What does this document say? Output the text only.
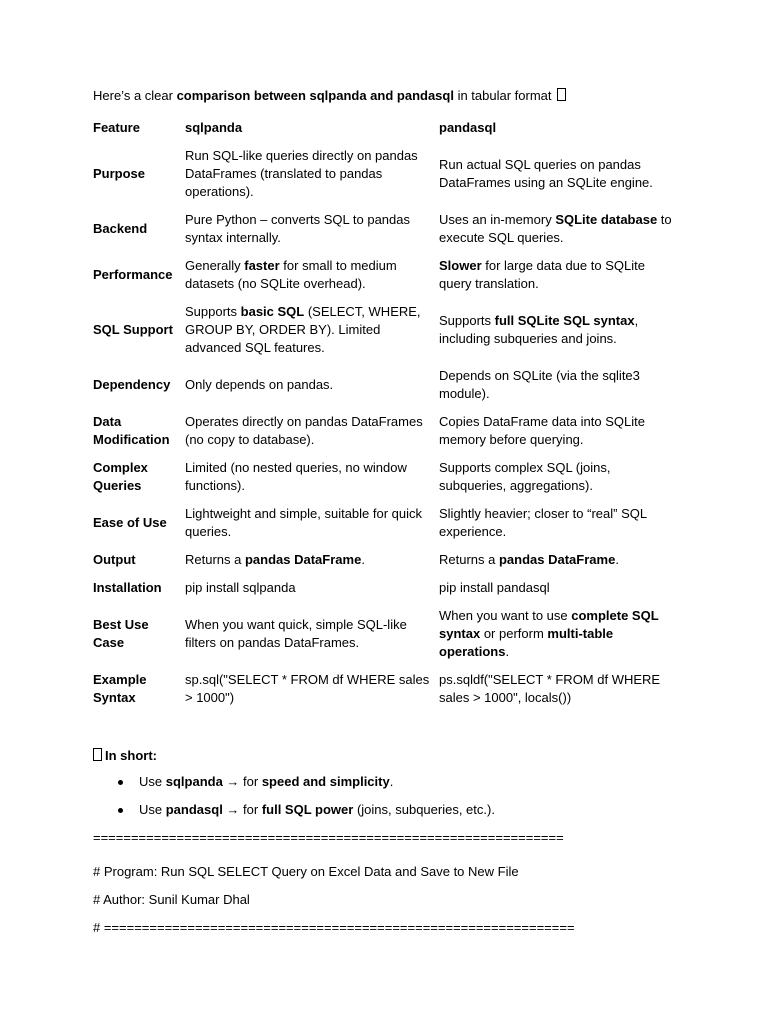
Here’s a clear comparison between sqlpanda and pandasql in tabular format

Feature	sqlpanda	pandasql
Purpose	Run SQL-like queries directly on pandas DataFrames (translated to pandas operations).	Run actual SQL queries on pandas DataFrames using an SQLite engine.
Backend	Pure Python – converts SQL to pandas syntax internally.	Uses an in-memory SQLite database to execute SQL queries.
Performance	Generally faster for small to medium datasets (no SQLite overhead).	Slower for large data due to SQLite query translation.
SQL Support	Supports basic SQL (SELECT, WHERE, GROUP BY, ORDER BY). Limited advanced SQL features.	Supports full SQLite SQL syntax, including subqueries and joins.
Dependency	Only depends on pandas.	Depends on SQLite (via the sqlite3 module).
Data Modification	Operates directly on pandas DataFrames (no copy to database).	Copies DataFrame data into SQLite memory before querying.
Complex Queries	Limited (no nested queries, no window functions).	Supports complex SQL (joins, subqueries, aggregations).
Ease of Use	Lightweight and simple, suitable for quick queries.	Slightly heavier; closer to “real” SQL experience.
Output	Returns a pandas DataFrame.	Returns a pandas DataFrame.
Installation	pip install sqlpanda	pip install pandasql
Best Use Case	When you want quick, simple SQL-like filters on pandas DataFrames.	When you want to use complete SQL syntax or perform multi-table operations.
Example Syntax	sp.sql("SELECT * FROM df WHERE sales > 1000")	ps.sqldf("SELECT * FROM df WHERE sales > 1000", locals())
In short:
Use sqlpanda → for speed and simplicity.
Use pandasql → for full SQL power (joins, subqueries, etc.).
==============================================================
# Program: Run SQL SELECT Query on Excel Data and Save to New File
# Author: Sunil Kumar Dhal
# ==============================================================
